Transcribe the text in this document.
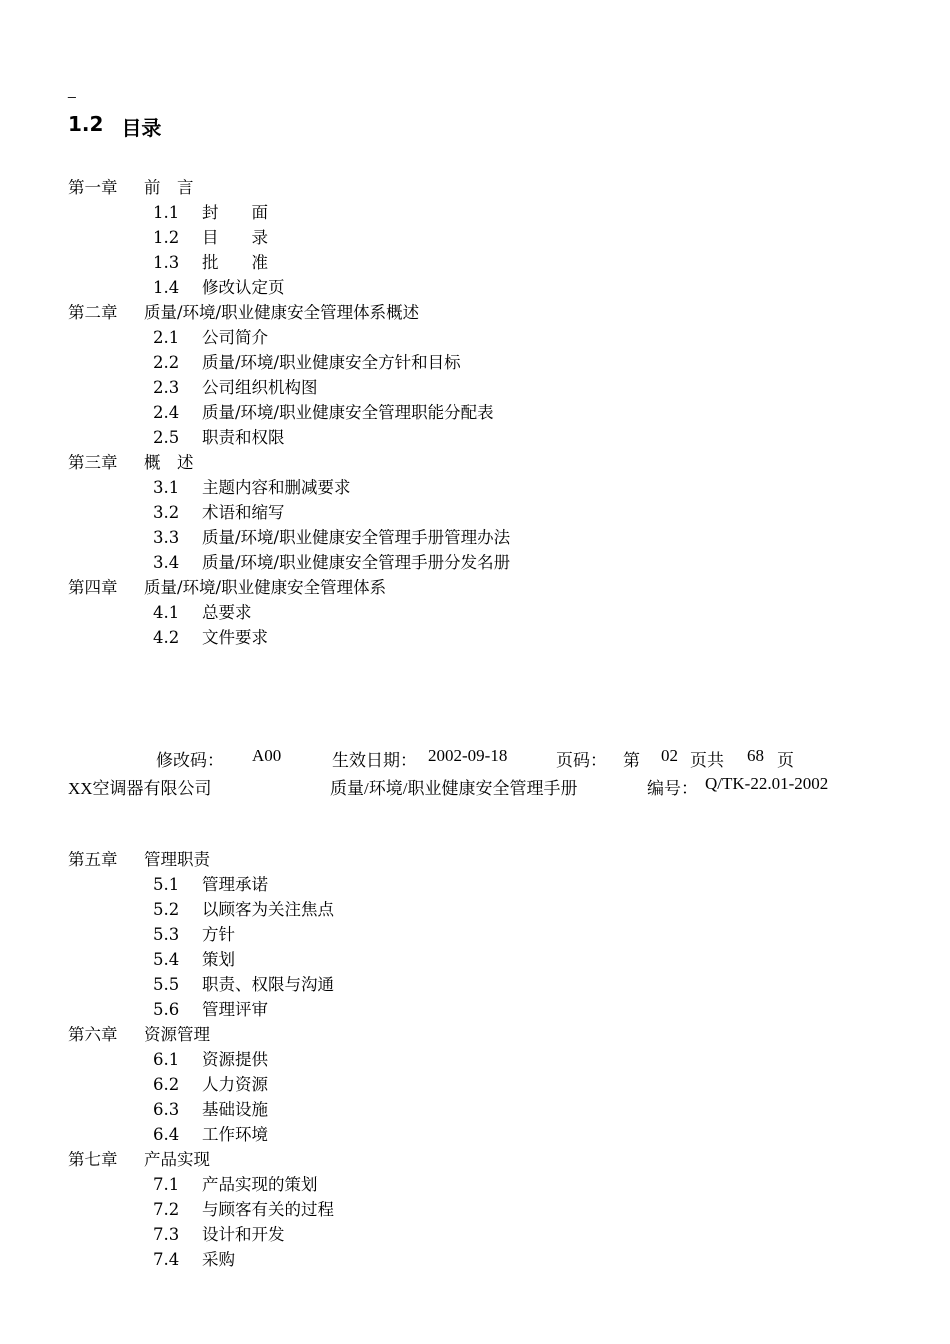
_
1.2 目录
第一章	前　言
1.1	封　　面
1.2	目　　录
1.3	批　　准
1.4	修改认定页
第二章	质量/环境/职业健康安全管理体系概述
2.1	公司简介
2.2	质量/环境/职业健康安全方针和目标
2.3	公司组织机构图
2.4	质量/环境/职业健康安全管理职能分配表
2.5	职责和权限
第三章	概　述
3.1	主题内容和删减要求
3.2	术语和缩写
3.3	质量/环境/职业健康安全管理手册管理办法
3.4	质量/环境/职业健康安全管理手册分发名册
第四章	质量/环境/职业健康安全管理体系
4.1	总要求
4.2	文件要求
修改码： A00	生效日期： 2002-09-18	页码： 第 02 页共 68 页
XX空调器有限公司	质量/环境/职业健康安全管理手册	编号： Q/TK-22.01-2002
第五章	管理职责
5.1	管理承诺
5.2	以顾客为关注焦点
5.3	方针
5.4	策划
5.5	职责、权限与沟通
5.6	管理评审
第六章	资源管理
6.1	资源提供
6.2	人力资源
6.3	基础设施
6.4	工作环境
第七章	产品实现
7.1	产品实现的策划
7.2	与顾客有关的过程
7.3	设计和开发
7.4	采购
